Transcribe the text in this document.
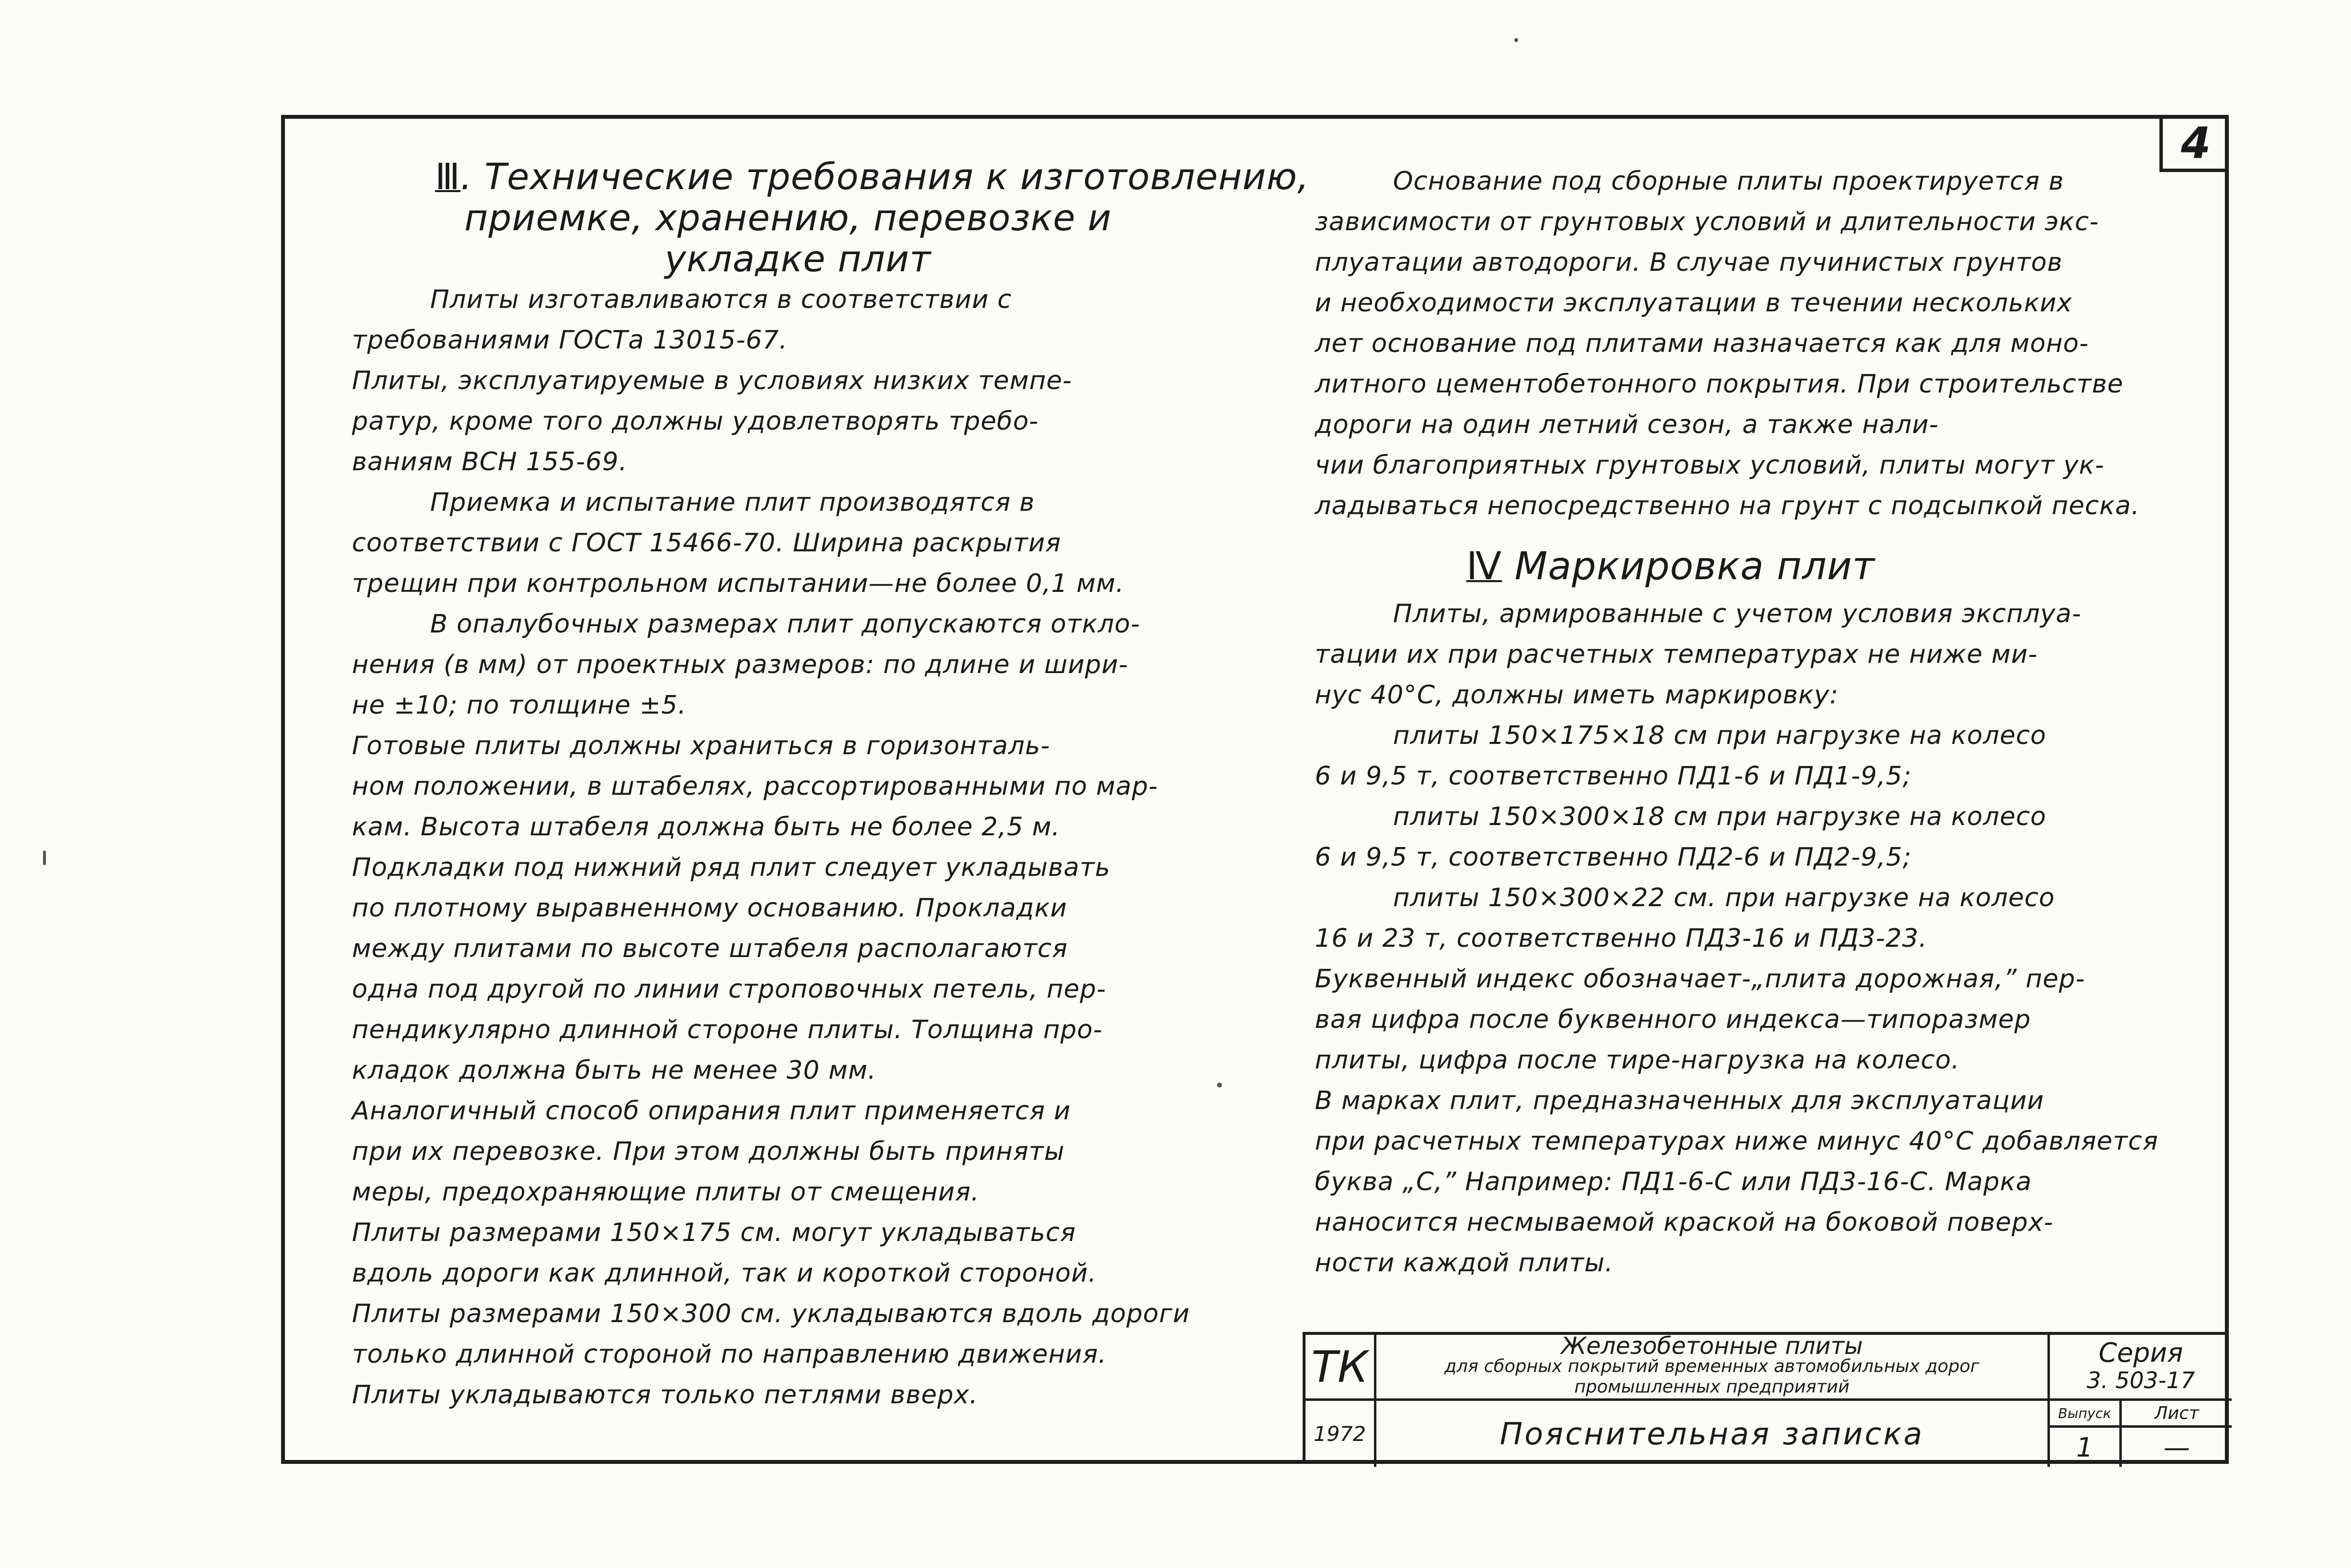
4

Ⅲ. Технические требования к изготовлению,

приемке, хранению, перевозке и

укладке плит

Плиты изготавливаются в соответствии с

требованиями ГОСТа 13015-67.

Плиты, эксплуатируемые в условиях низких темпе-

ратур, кроме того должны удовлетворять требо-

ваниям ВСН 155-69.

Приемка и испытание плит производятся в

соответствии с ГОСТ 15466-70. Ширина раскрытия

трещин при контрольном испытании—не более 0,1 мм.

В опалубочных размерах плит допускаются откло-

нения (в мм) от проектных размеров: по длине и шири-

не ±10; по толщине ±5.

Готовые плиты должны храниться в горизонталь-

ном положении, в штабелях, рассортированными по мар-

кам. Высота штабеля должна быть не более 2,5 м.

Подкладки под нижний ряд плит следует укладывать

по плотному выравненному основанию. Прокладки

между плитами по высоте штабеля располагаются

одна под другой по линии строповочных петель, пер-

пендикулярно длинной стороне плиты. Толщина про-

кладок должна быть не менее 30 мм.

Аналогичный способ опирания плит применяется и

при их перевозке. При этом должны быть приняты

меры, предохраняющие плиты от смещения.

Плиты размерами 150×175 см. могут укладываться

вдоль дороги как длинной, так и короткой стороной.

Плиты размерами 150×300 см. укладываются вдоль дороги

только длинной стороной по направлению движения.

Плиты укладываются только петлями вверх.

Основание под сборные плиты проектируется в

зависимости от грунтовых условий и длительности экс-

плуатации автодороги. В случае пучинистых грунтов

и необходимости эксплуатации в течении нескольких

лет основание под плитами назначается как для моно-

литного цементобетонного покрытия. При строительстве

дороги на один летний сезон, а также нали-

чии благоприятных грунтовых условий, плиты могут ук-

ладываться непосредственно на грунт с подсыпкой песка.

Ⅳ Маркировка плит

Плиты, армированные с учетом условия эксплуа-

тации их при расчетных температурах не ниже ми-

нус 40°С, должны иметь маркировку:

плиты 150×175×18 см при нагрузке на колесо

6 и 9,5 т, соответственно ПД1-6 и ПД1-9,5;

плиты 150×300×18 см при нагрузке на колесо

6 и 9,5 т, соответственно ПД2-6 и ПД2-9,5;

плиты 150×300×22 см. при нагрузке на колесо

16 и 23 т, соответственно ПД3-16 и ПД3-23.

Буквенный индекс обозначает-„плита дорожная,” пер-

вая цифра после буквенного индекса—типоразмер

плиты, цифра после тире-нагрузка на колесо.

В марках плит, предназначенных для эксплуатации

при расчетных температурах ниже минус 40°С добавляется

буква „С,” Например: ПД1-6-С или ПД3-16-С. Марка

наносится несмываемой краской на боковой поверх-

ности каждой плиты.

ТК
1972
Железобетонные плиты
для сборных покрытий временных автомобильных дорог
промышленных предприятий
Пояснительная записка
Серия
3. 503-17
Выпуск
1
Лист
—
